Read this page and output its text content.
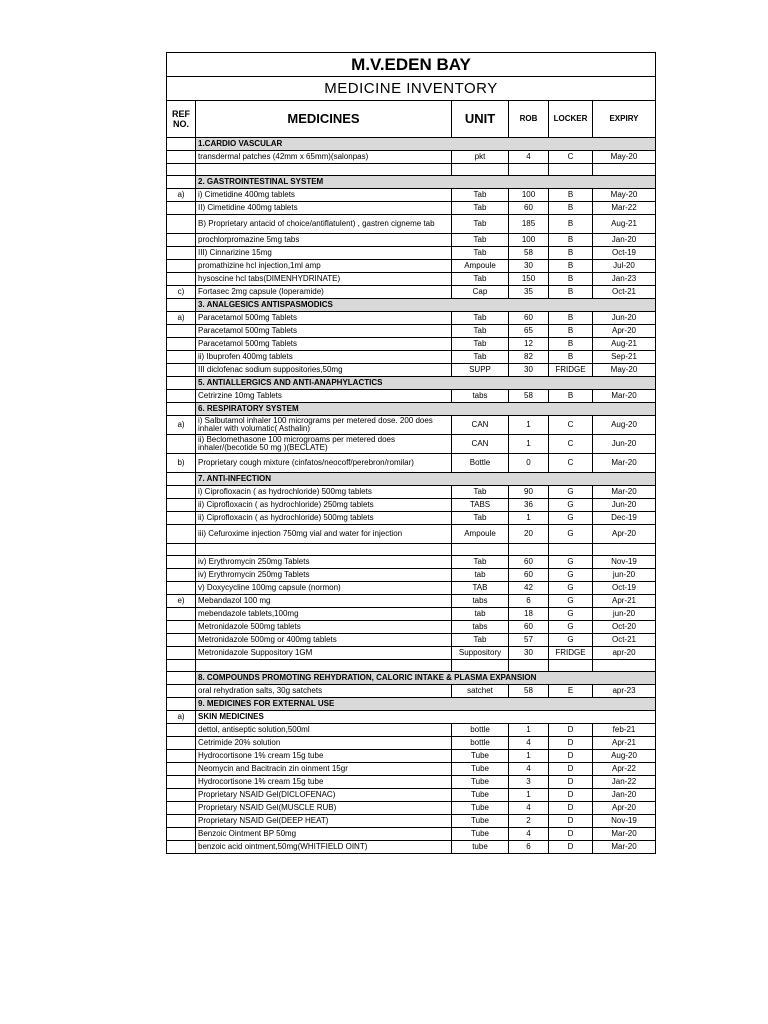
M.V.EDEN BAY						
MEDICINE INVENTORY						
REF NO.	MEDICINES	UNIT	ROB	LOCKER	EXPIRY	
	1.CARDIO VASCULAR					
	transdermal patches (42mm x 65mm)(salonpas)	pkt	4	C	May-20	

	2. GASTROINTESTINAL SYSTEM					
a)	i) Cimetidine 400mg tablets	Tab	100	B	May-20	
	II) Cimetidine 400mg tablets	Tab	60	B	Mar-22	
	B) Proprietary antacid of choice/antiflatulent) , gastren cigneme tab	Tab	185	B	Aug-21	
	prochlorpromazine 5mg tabs	Tab	100	B	Jan-20	
	III) Cinnarizine 15mg	Tab	58	B	Oct-19	
	promathizine hcl injection,1ml amp	Ampoule	30	B	Jul-20	
	hysoscine hcl tabs(DIMENHYDRINATE)	Tab	150	B	Jan-23	
c)	Fortasec 2mg capsule (loperamide)	Cap	35	B	Oct-21	
	3. ANALGESICS ANTISPASMODICS					
a)	Paracetamol 500mg Tablets	Tab	60	B	Jun-20	
	Paracetamol 500mg Tablets	Tab	65	B	Apr-20	
	Paracetamol 500mg Tablets	Tab	12	B	Aug-21	
	ii) Ibuprofen 400mg tablets	Tab	82	B	Sep-21	
	III diclofenac sodium suppositories,50mg	SUPP	30	FRIDGE	May-20	
	5. ANTIALLERGICS AND ANTI-ANAPHYLACTICS					
	Cetrirzine 10mg Tablets	tabs	58	B	Mar-20	
	6. RESPIRATORY SYSTEM					
a)	i) Salbutamol inhaler 100 micrograms per metered dose. 200 does inhaler with volumatic( Asthalin)	CAN	1	C	Aug-20	
	ii) Beclomethasone 100 microgroams per metered does inhaler/(becotide 50 mg )(BECLATE)	CAN	1	C	Jun-20	
b)	Proprietary cough mixture (cinfatos/neocoff/perebron/romilar)	Bottle	0	C	Mar-20	
	7. ANTI-INFECTION					
	i) Ciprofloxacin ( as hydrochloride) 500mg tablets	Tab	90	G	Mar-20	
	ii) Ciprofloxacin ( as hydrochloride) 250mg tablets	TABS	36	G	Jun-20	
	ii) Ciprofloxacin ( as hydrochloride) 500mg tablets	Tab	1	G	Dec-19	
	iii) Cefuroxime injection 750mg vial and water for injection	Ampoule	20	G	Apr-20	

	iv) Erythromycin 250mg Tablets	Tab	60	G	Nov-19	
	iv) Erythromycin 250mg Tablets	tab	60	G	jun-20	
	v) Doxycycline 100mg capsule (normon)	TAB	42	G	Oct-19	
e)	Mebandazol 100 mg	tabs	6	G	Apr-21	
	mebendazole tablets,100mg	tab	18	G	jun-20	
	Metronidazole 500mg tablets	tabs	60	G	Oct-20	
	Metronidazole 500mg or 400mg tablets	Tab	57	G	Oct-21	
	Metronidazole Suppository 1GM	Suppository	30	FRIDGE	apr-20	

	8. COMPOUNDS PROMOTING REHYDRATION, CALORIC INTAKE & PLASMA EXPANSION					
	oral rehydration salts, 30g satchets	satchet	58	E	apr-23	
	9. MEDICINES FOR EXTERNAL USE					
a)	SKIN MEDICINES					
	dettol, antiseptic solution,500ml	bottle	1	D	feb-21	
	Cetrimide 20% solution	bottle	4	D	Apr-21	
	Hydrocortisone 1% cream 15g tube	Tube	1	D	Aug-20	
	Neomycin and Bacitracin zin oinment 15gr	Tube	4	D	Apr-22	
	Hydrocortisone 1% cream 15g tube	Tube	3	D	Jan-22	
	Proprietary NSAID Gel(DICLOFENAC)	Tube	1	D	Jan-20	
	Proprietary NSAID Gel(MUSCLE RUB)	Tube	4	D	Apr-20	
	Proprietary NSAID Gel(DEEP HEAT)	Tube	2	D	Nov-19	
	Benzoic Ointment BP 50mg	Tube	4	D	Mar-20	
	benzoic acid ointment,50mg(WHITFIELD OINT)	tube	6	D	Mar-20	
